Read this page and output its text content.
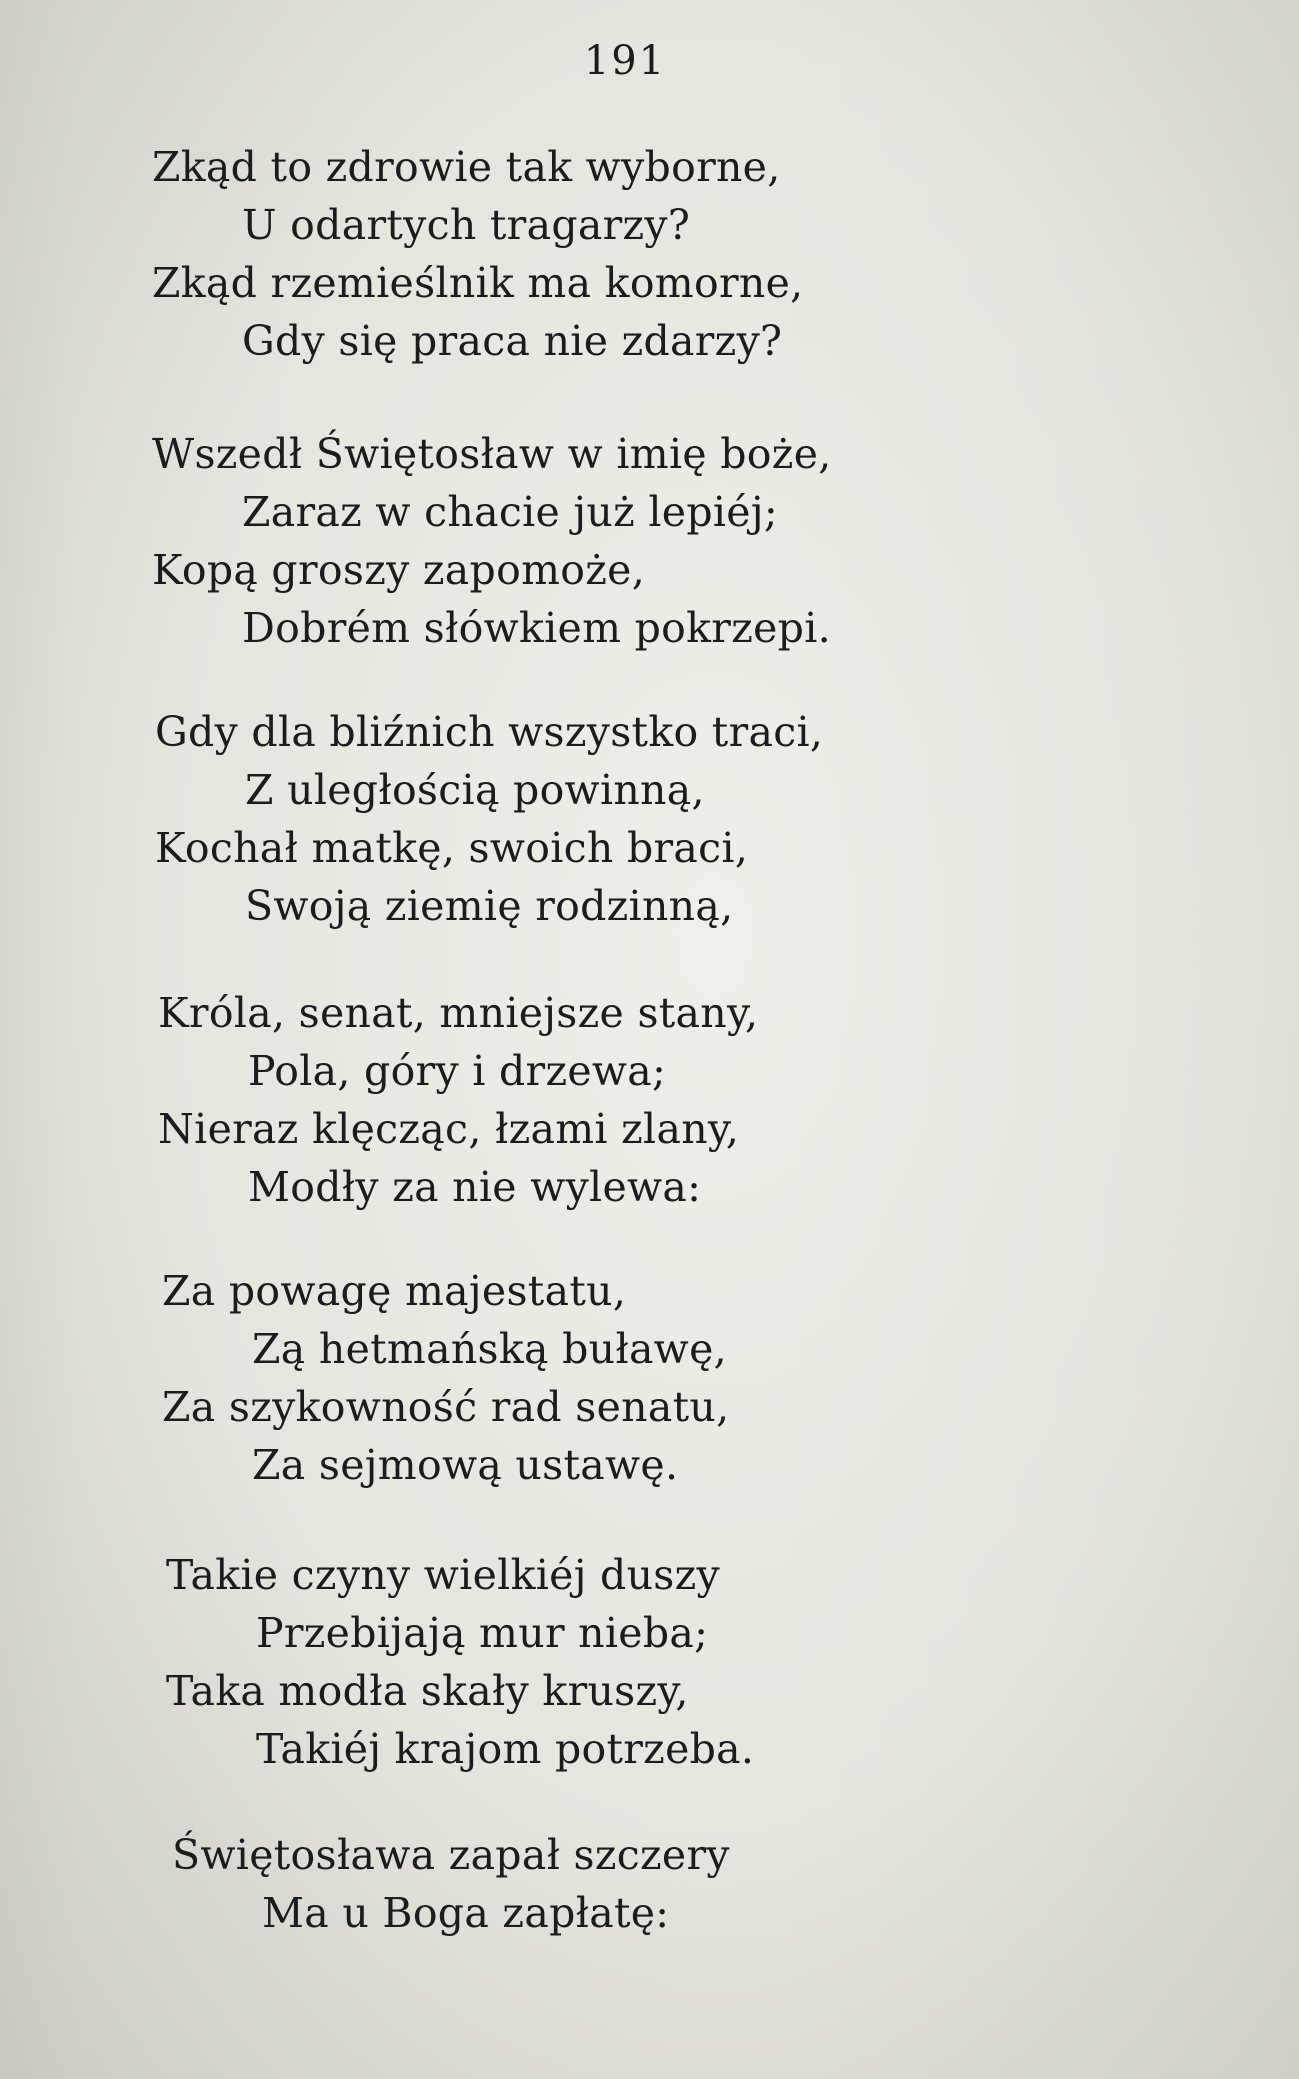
191
Zkąd to zdrowie tak wyborne,
U odartych tragarzy?
Zkąd rzemieślnik ma komorne,
Gdy się praca nie zdarzy?
Wszedł Świętosław w imię boże,
Zaraz w chacie już lepiéj;
Kopą groszy zapomoże,
Dobrém słówkiem pokrzepi.
Gdy dla bliźnich wszystko traci,
Z uległością powinną,
Kochał matkę, swoich braci,
Swoją ziemię rodzinną,
Króla, senat, mniejsze stany,
Pola, góry i drzewa;
Nieraz klęcząc, łzami zlany,
Modły za nie wylewa:
Za powagę majestatu,
Zą hetmańską buławę,
Za szykowność rad senatu,
Za sejmową ustawę.
Takie czyny wielkiéj duszy
Przebijają mur nieba;
Taka modła skały kruszy,
Takiéj krajom potrzeba.
Świętosława zapał szczery
Ma u Boga zapłatę:
